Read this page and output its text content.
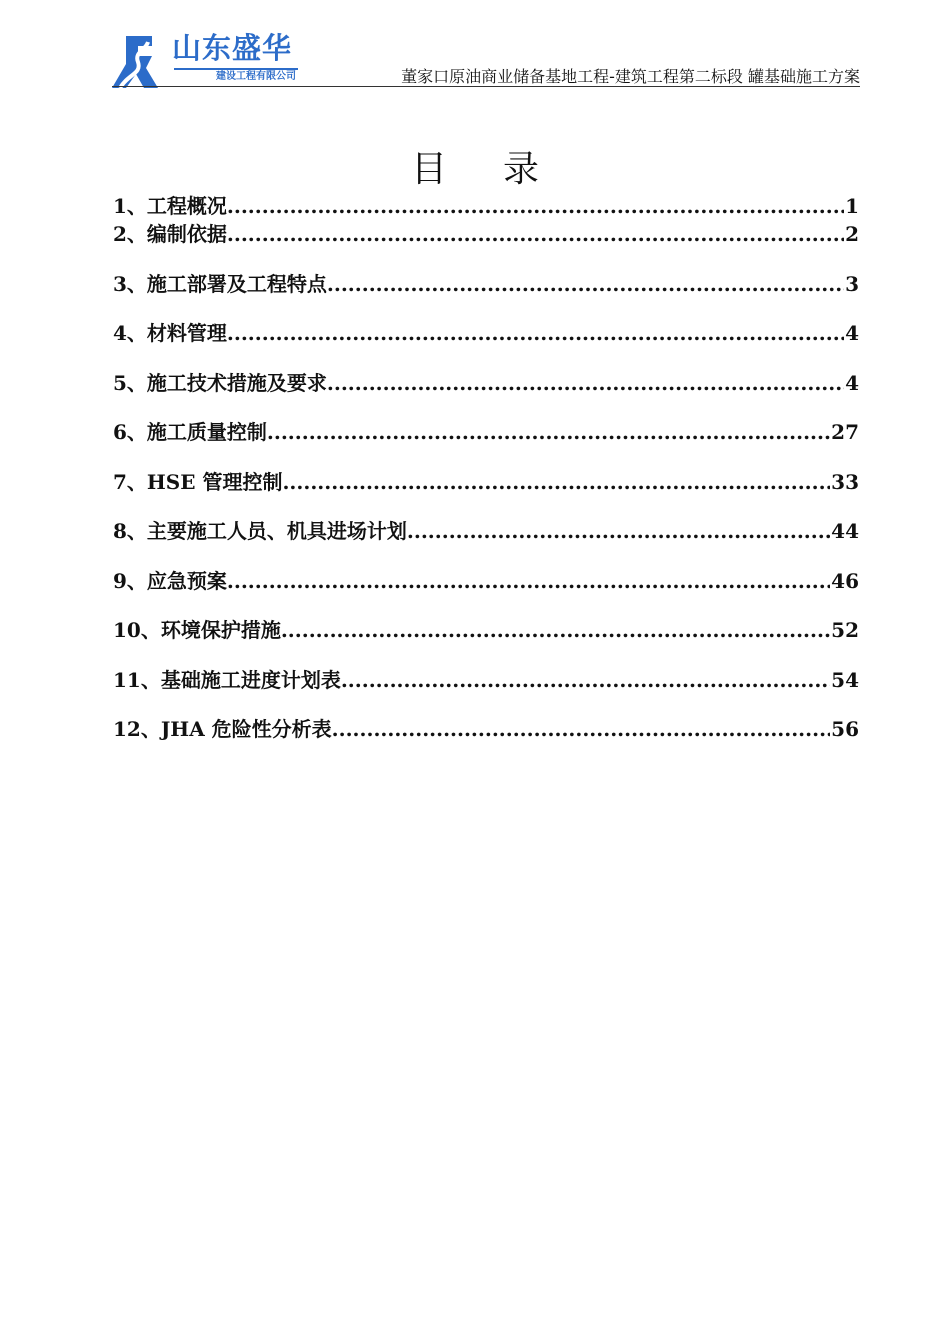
山东盛华
建设工程有限公司	董家口原油商业储备基地工程-建筑工程第二标段 罐基础施工方案
目录
1、工程概况 .....	1
2、编制依据 .....	2
3、施工部署及工程特点 .....	3
4、材料管理 .....	4
5、施工技术措施及要求 .....	4
6、施工质量控制 .....	27
7、HSE 管理控制 .....	33
8、主要施工人员、机具进场计划 .....	44
9、应急预案 .....	46
10、环境保护措施 .....	52
11、基础施工进度计划表 .....	54
12、JHA 危险性分析表 .....	56
